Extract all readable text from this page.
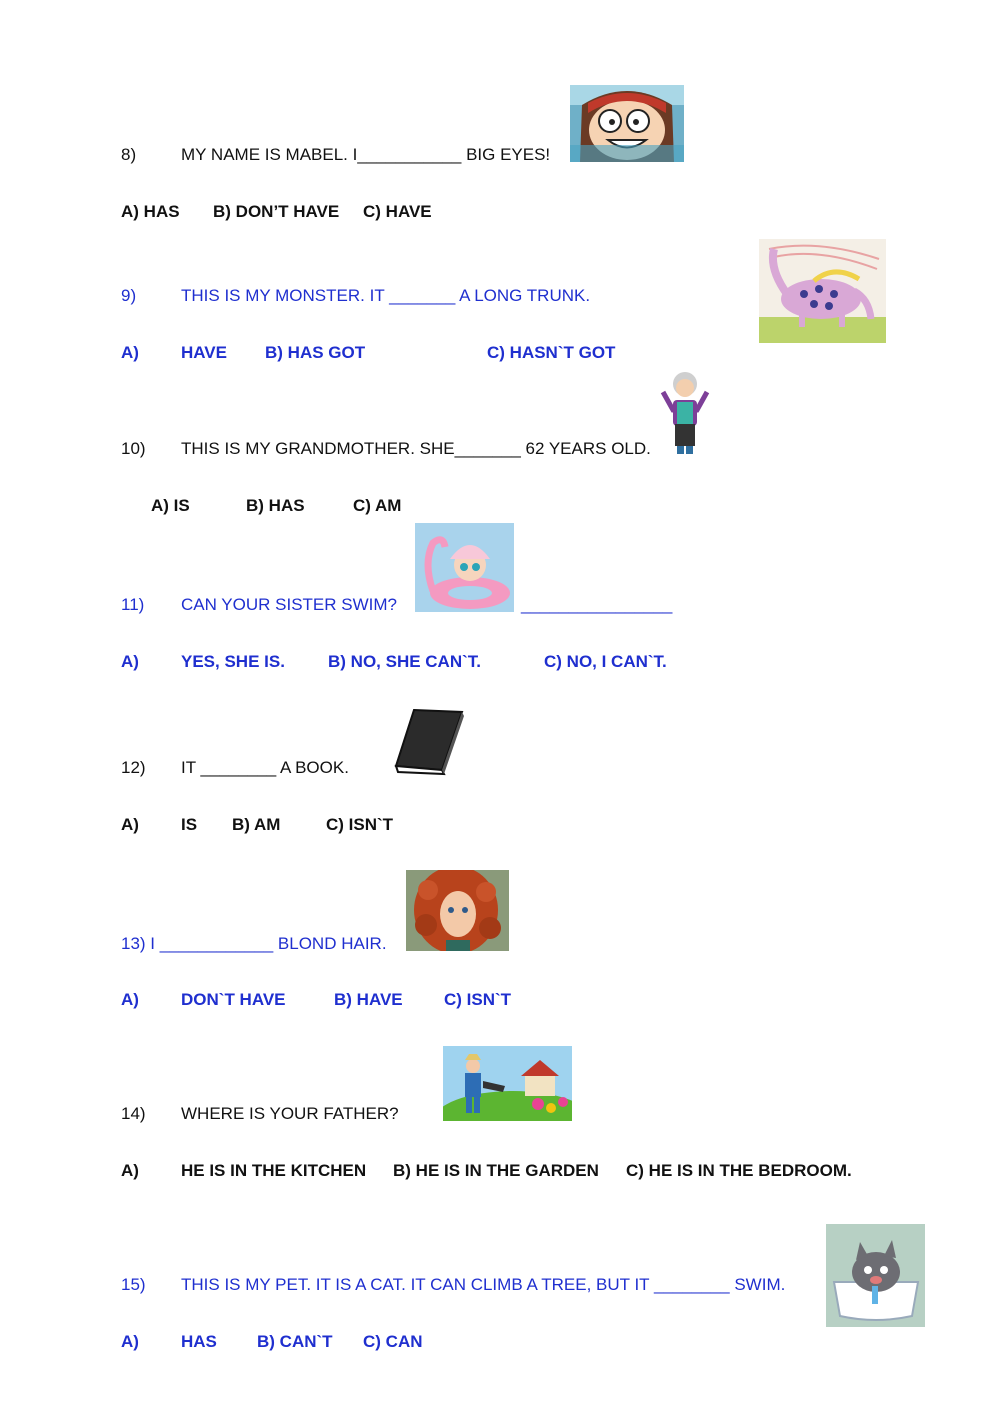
8)	MY NAME IS MABEL. I___________ BIG EYES!
A) HAS B) DON’T HAVE C) HAVE
9)	THIS IS MY MONSTER. IT _______ A LONG TRUNK.
A) HAVE B) HAS GOT	C) HASN`T GOT
10) THIS IS MY GRANDMOTHER. SHE_______ 62 YEARS OLD.
A) IS	B) HAS	C) AM
11) CAN YOUR SISTER SWIM?	________________
A) YES, SHE IS.	B) NO, SHE CAN`T.	C) NO, I CAN`T.
12) IT ________ A BOOK.
A) IS B) AM	C) ISN`T
13) I ____________ BLOND HAIR.
A) DON`T HAVE	B) HAVE C) ISN`T
14) WHERE IS YOUR FATHER?
A) HE IS IN THE KITCHEN B) HE IS IN THE GARDEN C) HE IS IN THE BEDROOM.
15) THIS IS MY PET. IT IS A CAT. IT CAN CLIMB A TREE, BUT IT ________ SWIM.
A) HAS B) CAN`T C) CAN
